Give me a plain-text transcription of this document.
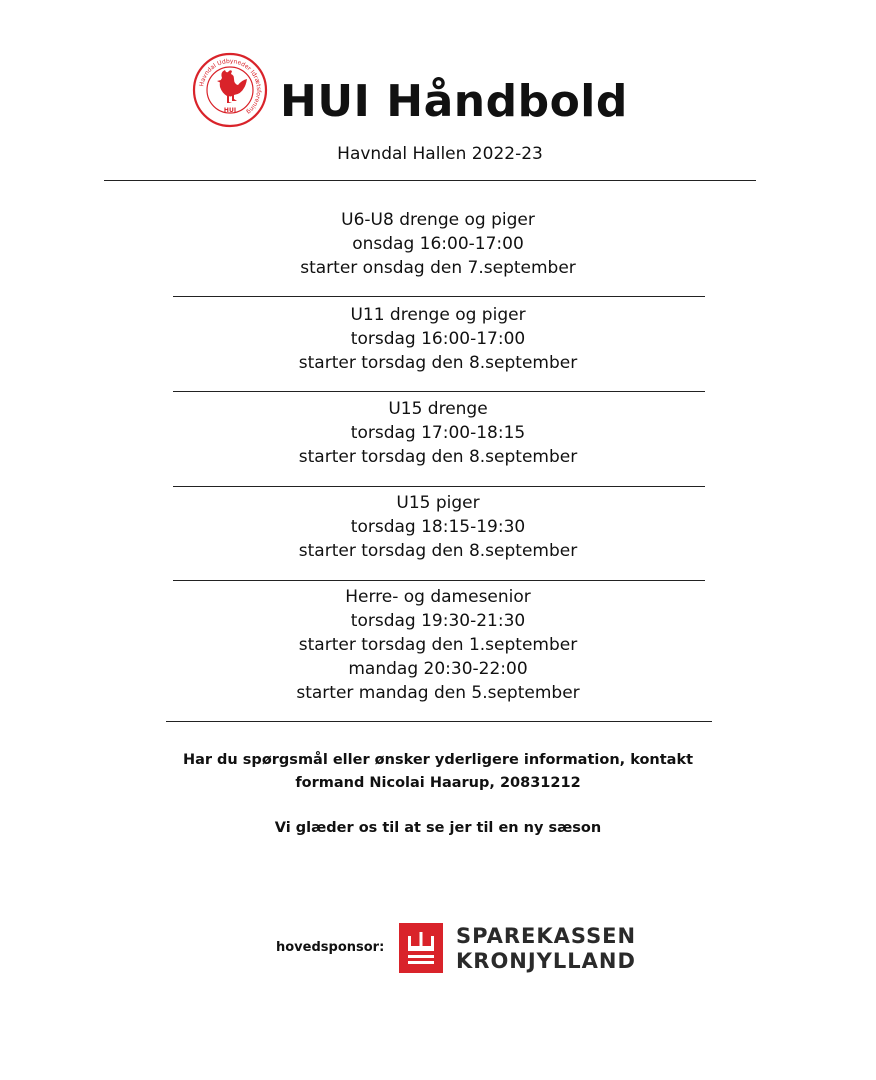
Havndal Udbyneder Idrætsforening
HUI HUI Håndbold
Havndal Hallen 2022-23
U6-U8 drenge og piger
onsdag 16:00-17:00
starter onsdag den 7.september
U11 drenge og piger
torsdag 16:00-17:00
starter torsdag den 8.september
U15 drenge
torsdag 17:00-18:15
starter torsdag den 8.september
U15 piger
torsdag 18:15-19:30
starter torsdag den 8.september
Herre- og damesenior
torsdag 19:30-21:30
starter torsdag den 1.september
mandag 20:30-22:00
starter mandag den 5.september
Har du spørgsmål eller ønsker yderligere information, kontakt
formand Nicolai Haarup, 20831212
Vi glæder os til at se jer til en ny sæson
hovedsponsor:	SPAREKASSEN
KRONJYLLAND
